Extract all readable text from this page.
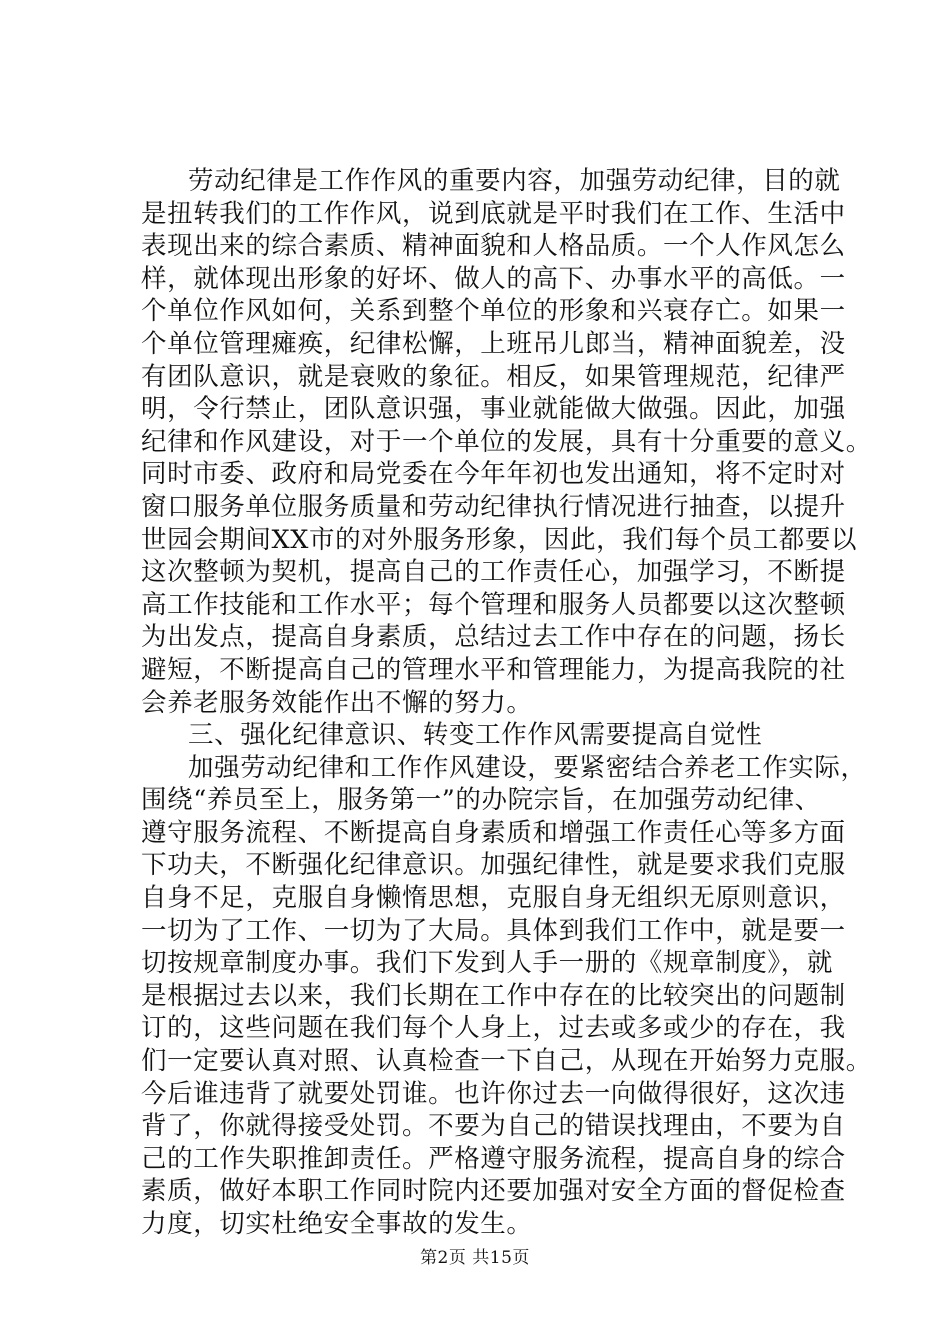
劳动纪律是工作作风的重要内容，加强劳动纪律，目的就
是扭转我们的工作作风，说到底就是平时我们在工作、生活中
表现出来的综合素质、精神面貌和人格品质。一个人作风怎么
样，就体现出形象的好坏、做人的高下、办事水平的高低。一
个单位作风如何，关系到整个单位的形象和兴衰存亡。如果一
个单位管理瘫痪，纪律松懈，上班吊儿郎当，精神面貌差，没
有团队意识，就是衰败的象征。相反，如果管理规范，纪律严
明，令行禁止，团队意识强，事业就能做大做强。因此，加强
纪律和作风建设，对于一个单位的发展，具有十分重要的意义。
同时市委、政府和局党委在今年年初也发出通知，将不定时对
窗口服务单位服务质量和劳动纪律执行情况进行抽查，以提升
世园会期间XX市的对外服务形象，因此，我们每个员工都要以
这次整顿为契机，提高自己的工作责任心，加强学习，不断提
高工作技能和工作水平；每个管理和服务人员都要以这次整顿
为出发点，提高自身素质，总结过去工作中存在的问题，扬长
避短，不断提高自己的管理水平和管理能力，为提高我院的社
会养老服务效能作出不懈的努力。
三、强化纪律意识、转变工作作风需要提高自觉性
加强劳动纪律和工作作风建设，要紧密结合养老工作实际，
围绕“养员至上，服务第一”的办院宗旨，在加强劳动纪律、
遵守服务流程、不断提高自身素质和增强工作责任心等多方面
下功夫，不断强化纪律意识。加强纪律性，就是要求我们克服
自身不足，克服自身懒惰思想，克服自身无组织无原则意识，
一切为了工作、一切为了大局。具体到我们工作中，就是要一
切按规章制度办事。我们下发到人手一册的《规章制度》，就
是根据过去以来，我们长期在工作中存在的比较突出的问题制
订的，这些问题在我们每个人身上，过去或多或少的存在，我
们一定要认真对照、认真检查一下自己，从现在开始努力克服。
今后谁违背了就要处罚谁。也许你过去一向做得很好，这次违
背了，你就得接受处罚。不要为自己的错误找理由，不要为自
己的工作失职推卸责任。严格遵守服务流程，提高自身的综合
素质，做好本职工作同时院内还要加强对安全方面的督促检查
力度，切实杜绝安全事故的发生。
第2页 共15页
